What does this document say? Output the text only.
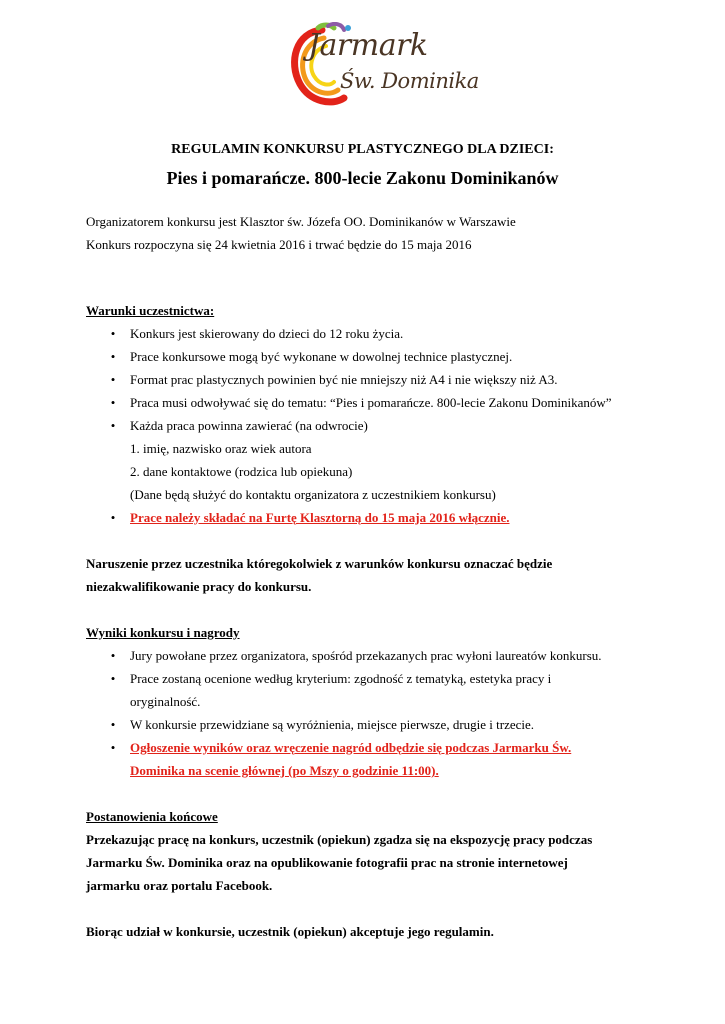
Jarmark
Św. Dominika
REGULAMIN KONKURSU PLASTYCZNEGO DLA DZIECI:
Pies i pomarańcze. 800-lecie Zakonu Dominikanów

Organizatorem konkursu jest Klasztor św. Józefa OO. Dominikanów w Warszawie

Konkurs rozpoczyna się 24 kwietnia 2016 i trwać będzie do 15 maja 2016

Warunki uczestnictwa:

•	Konkurs jest skierowany do dzieci do 12 roku życia.
•	Prace konkursowe mogą być wykonane w dowolnej technice plastycznej.
•	Format prac plastycznych powinien być nie mniejszy niż A4 i nie większy niż A3.
•	Praca musi odwoływać się do tematu: “Pies i pomarańcze. 800-lecie Zakonu Dominikanów”
•	Każda praca powinna zawierać (na odwrocie)

1. imię, nazwisko oraz wiek autora

2. dane kontaktowe (rodzica lub opiekuna)

(Dane będą służyć do kontaktu organizatora z uczestnikiem konkursu)

•	Prace należy składać na Furtę Klasztorną do 15 maja 2016 włącznie.

Naruszenie przez uczestnika któregokolwiek z warunków konkursu oznaczać będzie

niezakwalifikowanie pracy do konkursu.

Wyniki konkursu i nagrody

•	Jury powołane przez organizatora, spośród przekazanych prac wyłoni laureatów konkursu.
•	Prace zostaną ocenione według kryterium: zgodność z tematyką, estetyka pracy i

oryginalność.

•	W konkursie przewidziane są wyróżnienia, miejsce pierwsze, drugie i trzecie.
•	Ogłoszenie wyników oraz wręczenie nagród odbędzie się podczas Jarmarku Św.

Dominika na scenie głównej (po Mszy o godzinie 11:00).

Postanowienia końcowe

Przekazując pracę na konkurs, uczestnik (opiekun) zgadza się na ekspozycję pracy podczas

Jarmarku Św. Dominika oraz na opublikowanie fotografii prac na stronie internetowej

jarmarku oraz portalu Facebook.

Biorąc udział w konkursie, uczestnik (opiekun) akceptuje jego regulamin.
